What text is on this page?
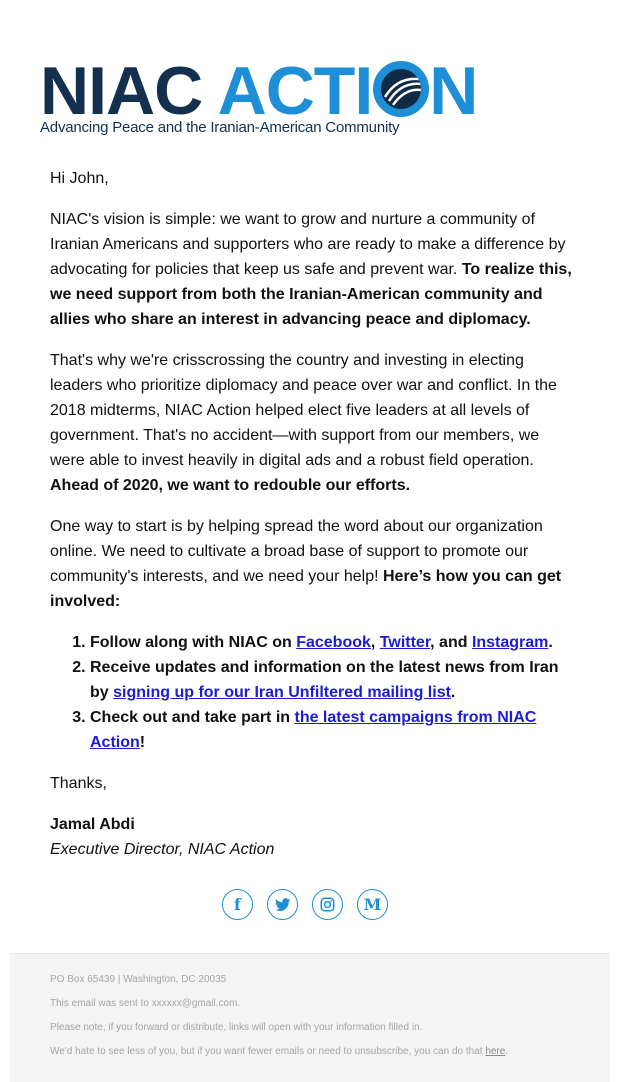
NIAC ACTI N
Advancing Peace and the Iranian-American Community

Hi John,

NIAC's vision is simple: we want to grow and nurture a community of Iranian Americans and supporters who are ready to make a difference by advocating for policies that keep us safe and prevent war. To realize this, we need support from both the Iranian-American community and allies who share an interest in advancing peace and diplomacy.

That's why we're crisscrossing the country and investing in electing leaders who prioritize diplomacy and peace over war and conflict. In the 2018 midterms, NIAC Action helped elect five leaders at all levels of government. That's no accident—with support from our members, we were able to invest heavily in digital ads and a robust field operation. Ahead of 2020, we want to redouble our efforts.

One way to start is by helping spread the word about our organization online. We need to cultivate a broad base of support to promote our community's interests, and we need your help! Here’s how you can get involved:

1. Follow along with NIAC on Facebook, Twitter, and Instagram.
2. Receive updates and information on the latest news from Iran by signing up for our Iran Unfiltered mailing list.
3. Check out and take part in the latest campaigns from NIAC Action!

Thanks,

Jamal Abdi

Executive Director, NIAC Action

f	M
PO Box 65439 | Washington, DC 20035
This email was sent to xxxxxx@gmail.com.
Please note, if you forward or distribute, links will open with your information filled in.
We'd hate to see less of you, but if you want fewer emails or need to unsubscribe, you can do that here.
